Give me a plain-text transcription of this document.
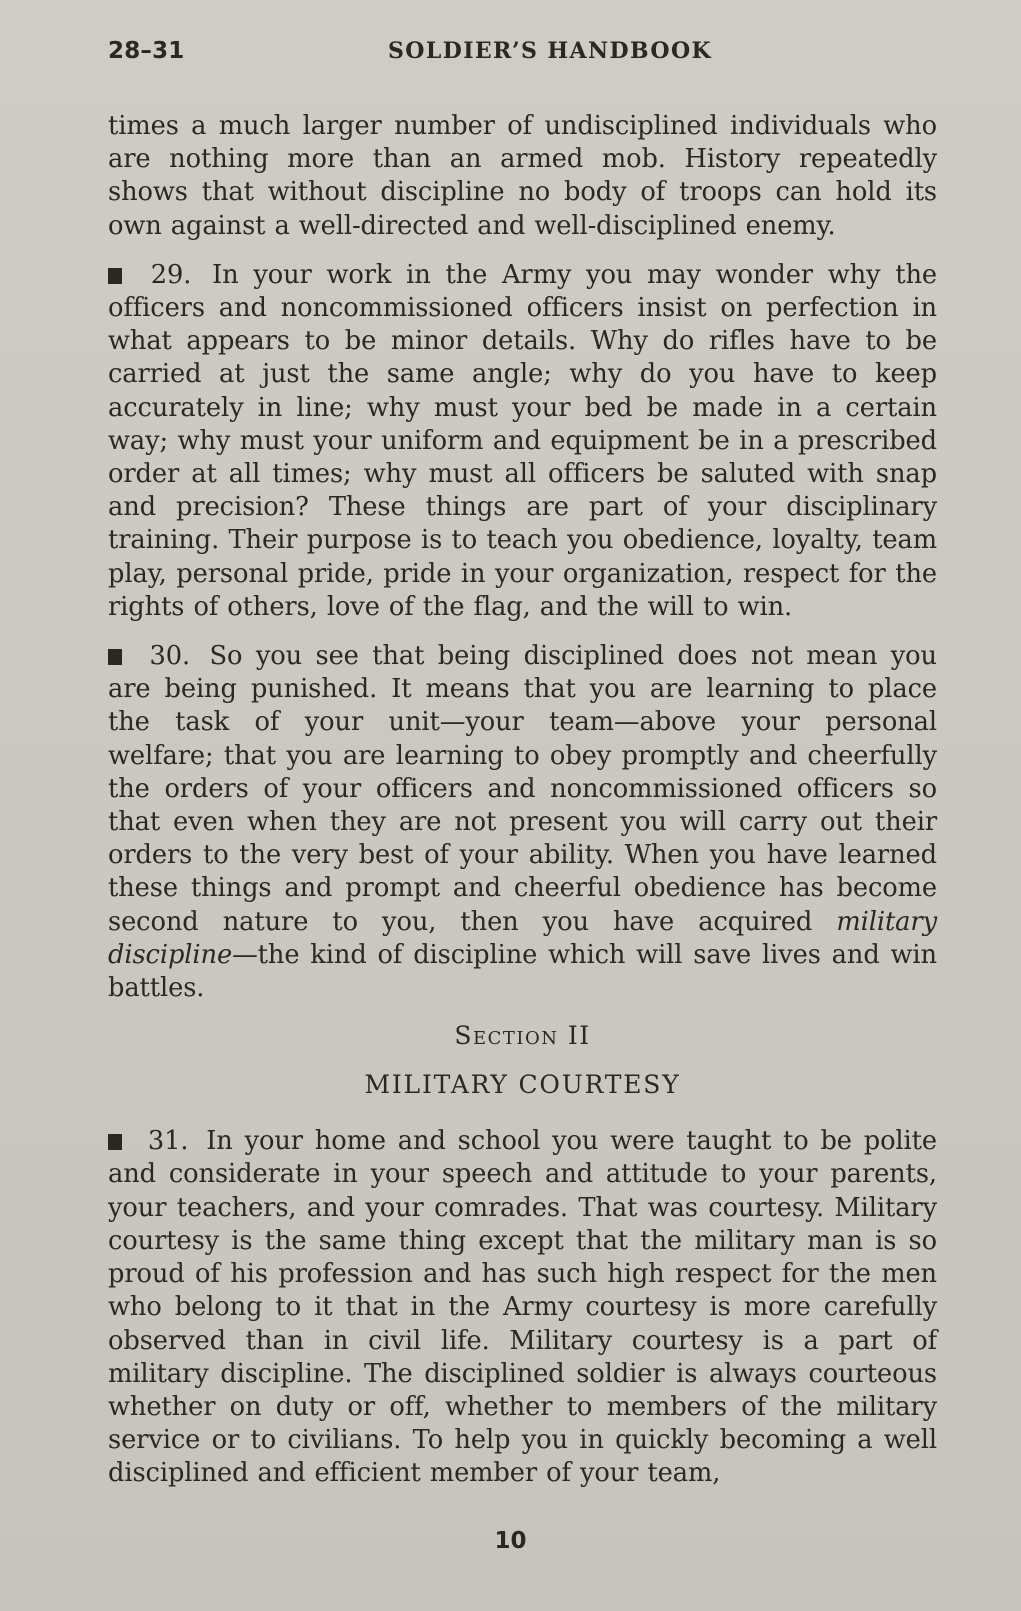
28–31	SOLDIER’S HANDBOOK

times a much larger number of undisciplined individuals who are nothing more than an armed mob. History repeatedly shows that without discipline no body of troops can hold its own against a well-directed and well-disciplined enemy.

29. In your work in the Army you may wonder why the officers and noncommissioned officers insist on perfection in what appears to be minor details. Why do rifles have to be carried at just the same angle; why do you have to keep accurately in line; why must your bed be made in a certain way; why must your uniform and equipment be in a prescribed order at all times; why must all officers be saluted with snap and precision? These things are part of your disciplinary training. Their purpose is to teach you obedience, loyalty, team play, personal pride, pride in your organization, respect for the rights of others, love of the flag, and the will to win.

30. So you see that being disciplined does not mean you are being punished. It means that you are learning to place the task of your unit—your team—above your personal welfare; that you are learning to obey promptly and cheerfully the orders of your officers and noncommissioned officers so that even when they are not present you will carry out their orders to the very best of your ability. When you have learned these things and prompt and cheerful obedience has become second nature to you, then you have acquired military discipline—the kind of discipline which will save lives and win battles.

Section II
MILITARY COURTESY

31. In your home and school you were taught to be polite and considerate in your speech and attitude to your parents, your teachers, and your comrades. That was courtesy. Military courtesy is the same thing except that the military man is so proud of his profession and has such high respect for the men who belong to it that in the Army courtesy is more carefully observed than in civil life. Military courtesy is a part of military discipline. The disciplined soldier is always courteous whether on duty or off, whether to members of the military service or to civilians. To help you in quickly becoming a well disciplined and efficient member of your team,

10
